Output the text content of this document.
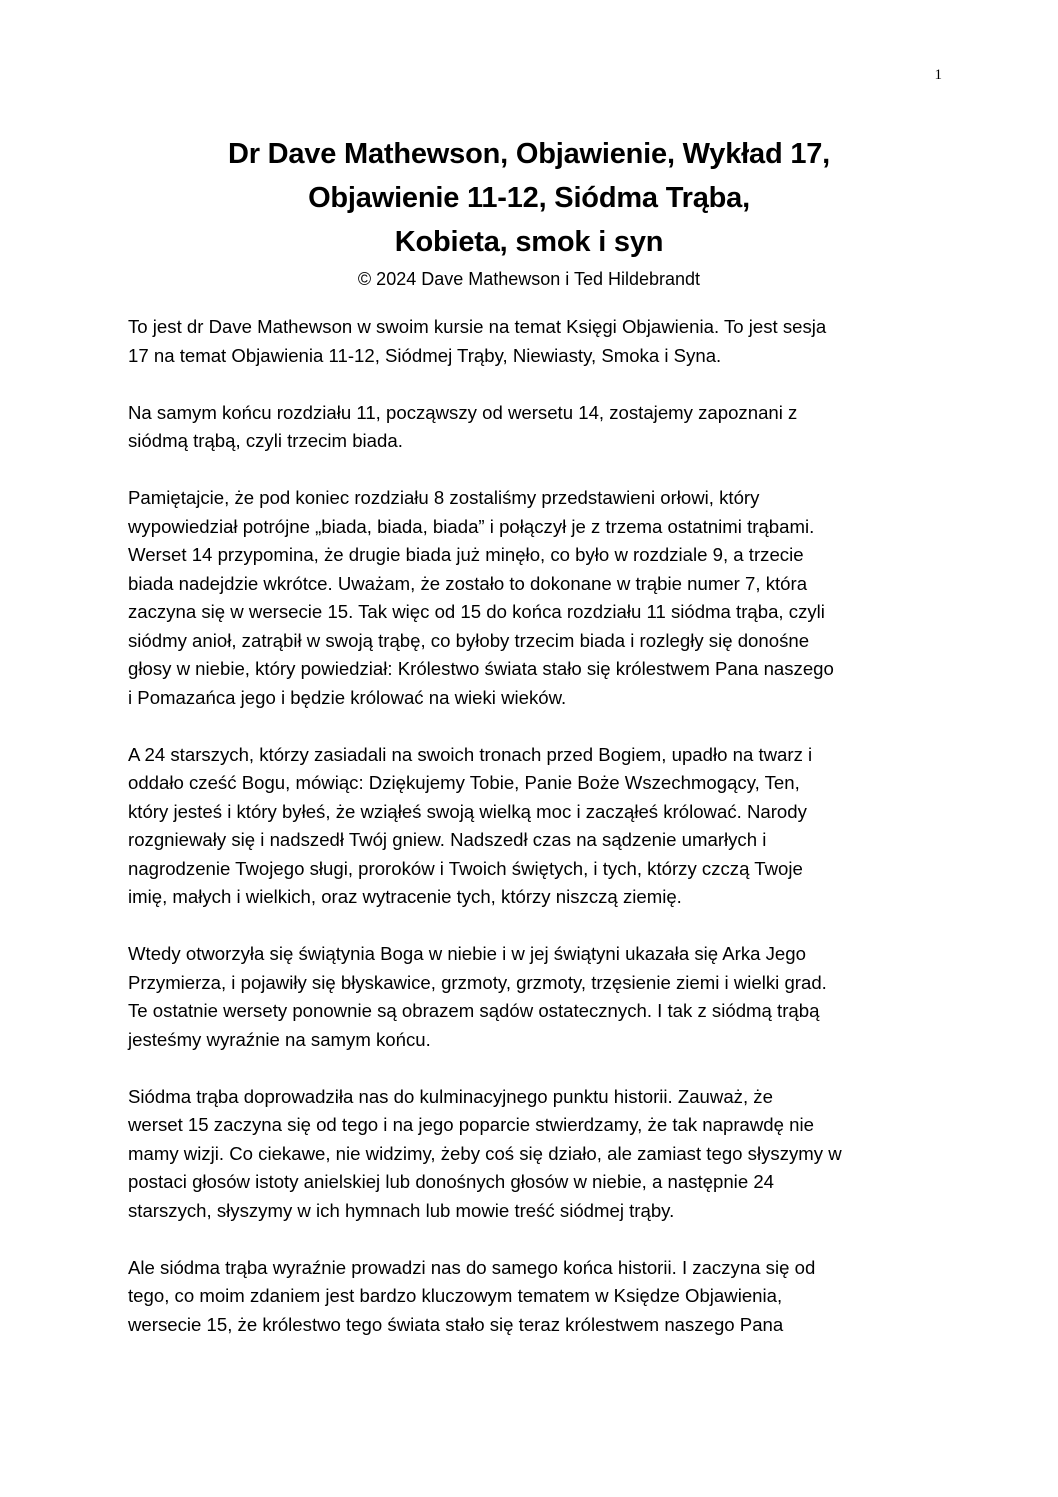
1
Dr Dave Mathewson, Objawienie, Wykład 17,
Objawienie 11-12, Siódma Trąba,
Kobieta, smok i syn
© 2024 Dave Mathewson i Ted Hildebrandt

To jest dr Dave Mathewson w swoim kursie na temat Księgi Objawienia. To jest sesja
17 na temat Objawienia 11-12, Siódmej Trąby, Niewiasty, Smoka i Syna.

Na samym końcu rozdziału 11, począwszy od wersetu 14, zostajemy zapoznani z
siódmą trąbą, czyli trzecim biada.

Pamiętajcie, że pod koniec rozdziału 8 zostaliśmy przedstawieni orłowi, który
wypowiedział potrójne „biada, biada, biada” i połączył je z trzema ostatnimi trąbami.
Werset 14 przypomina, że drugie biada już minęło, co było w rozdziale 9, a trzecie
biada nadejdzie wkrótce. Uważam, że zostało to dokonane w trąbie numer 7, która
zaczyna się w wersecie 15. Tak więc od 15 do końca rozdziału 11 siódma trąba, czyli
siódmy anioł, zatrąbił w swoją trąbę, co byłoby trzecim biada i rozległy się donośne
głosy w niebie, który powiedział: Królestwo świata stało się królestwem Pana naszego
i Pomazańca jego i będzie królować na wieki wieków.

A 24 starszych, którzy zasiadali na swoich tronach przed Bogiem, upadło na twarz i
oddało cześć Bogu, mówiąc: Dziękujemy Tobie, Panie Boże Wszechmogący, Ten,
który jesteś i który byłeś, że wziąłeś swoją wielką moc i zacząłeś królować. Narody
rozgniewały się i nadszedł Twój gniew. Nadszedł czas na sądzenie umarłych i
nagrodzenie Twojego sługi, proroków i Twoich świętych, i tych, którzy czczą Twoje
imię, małych i wielkich, oraz wytracenie tych, którzy niszczą ziemię.

Wtedy otworzyła się świątynia Boga w niebie i w jej świątyni ukazała się Arka Jego
Przymierza, i pojawiły się błyskawice, grzmoty, grzmoty, trzęsienie ziemi i wielki grad.
Te ostatnie wersety ponownie są obrazem sądów ostatecznych. I tak z siódmą trąbą
jesteśmy wyraźnie na samym końcu.

Siódma trąba doprowadziła nas do kulminacyjnego punktu historii. Zauważ, że
werset 15 zaczyna się od tego i na jego poparcie stwierdzamy, że tak naprawdę nie
mamy wizji. Co ciekawe, nie widzimy, żeby coś się działo, ale zamiast tego słyszymy w
postaci głosów istoty anielskiej lub donośnych głosów w niebie, a następnie 24
starszych, słyszymy w ich hymnach lub mowie treść siódmej trąby.

Ale siódma trąba wyraźnie prowadzi nas do samego końca historii. I zaczyna się od
tego, co moim zdaniem jest bardzo kluczowym tematem w Księdze Objawienia,
wersecie 15, że królestwo tego świata stało się teraz królestwem naszego Pana
